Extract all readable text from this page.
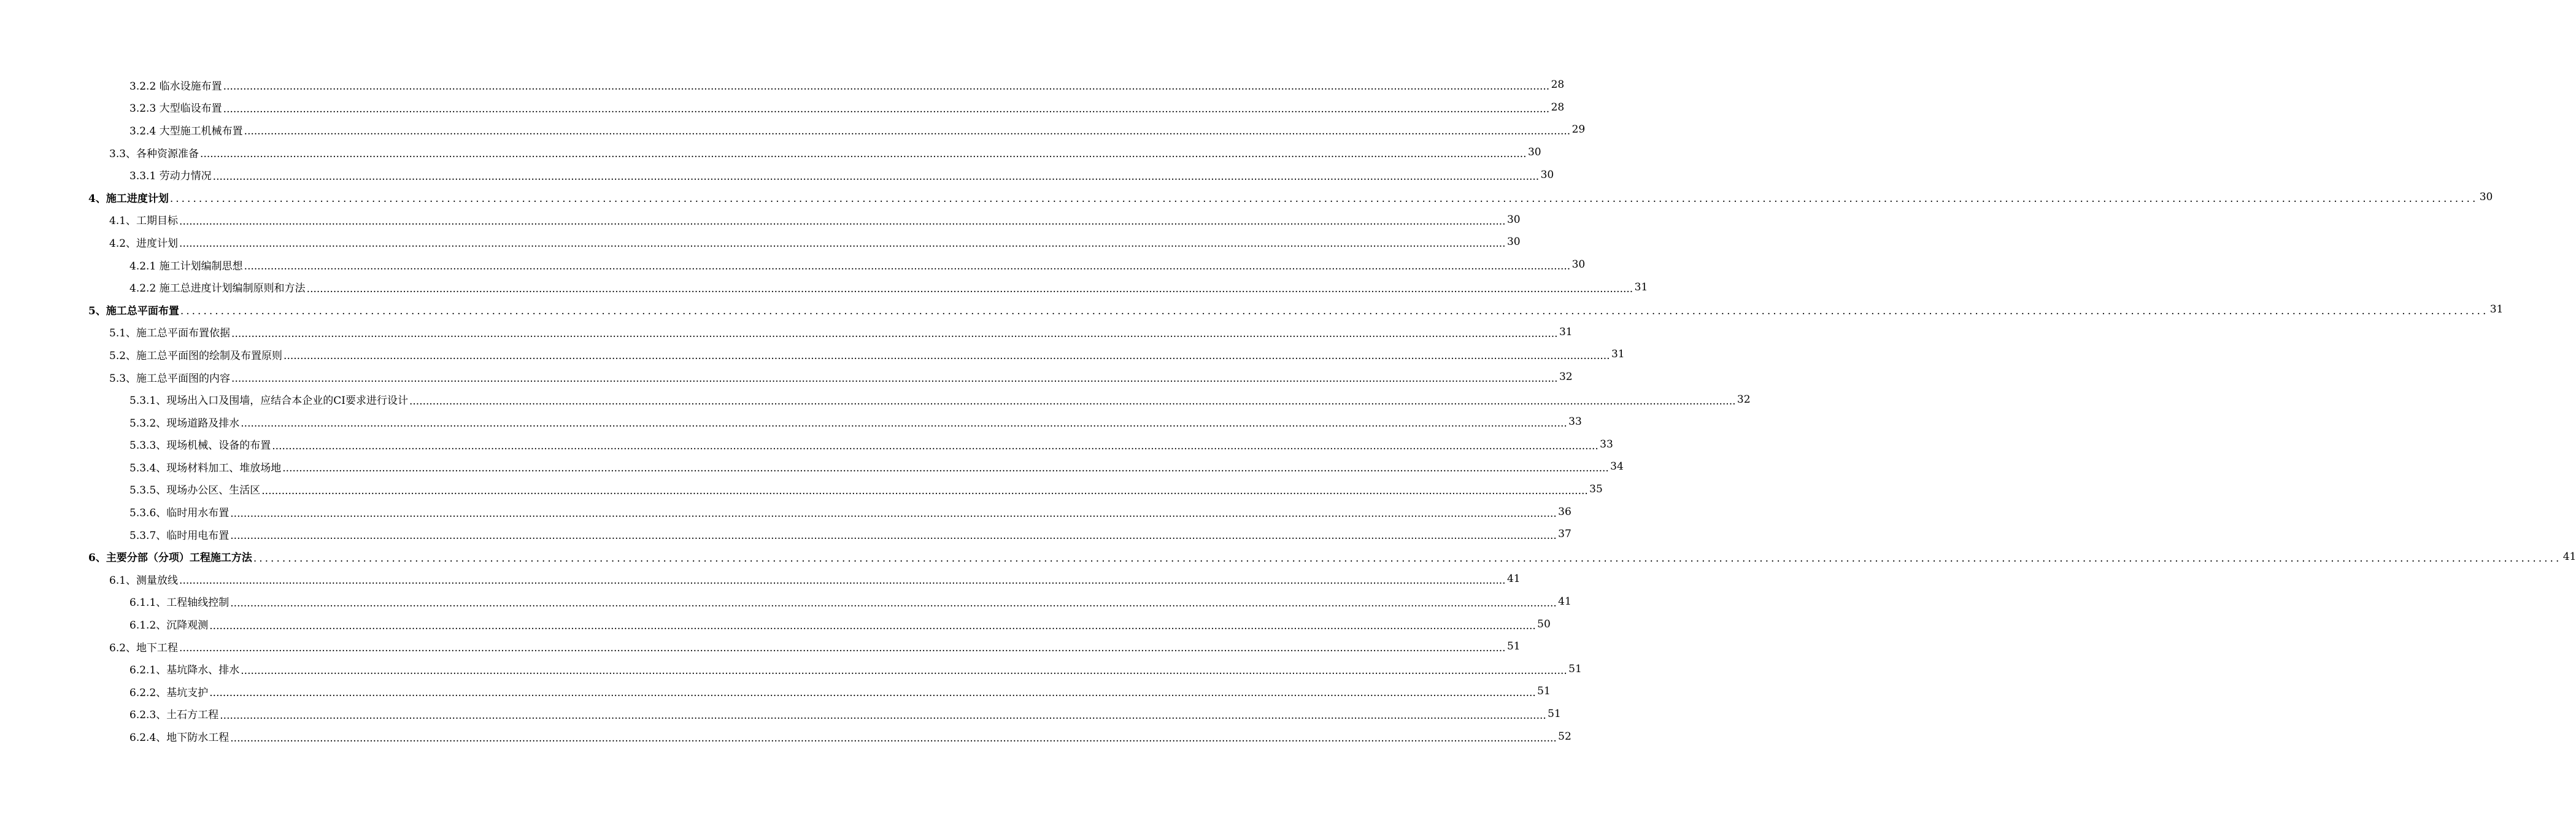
3.2.2 临水设施布置 ................................................................................................................................................................................................................................................................................................................................................................................................................ 28
3.2.3 大型临设布置 ................................................................................................................................................................................................................................................................................................................................................................................................................ 28
3.2.4 大型施工机械布置 ................................................................................................................................................................................................................................................................................................................................................................................................................ 29
3.3、各种资源准备 ................................................................................................................................................................................................................................................................................................................................................................................................................ 30
3.3.1 劳动力情况 ................................................................................................................................................................................................................................................................................................................................................................................................................ 30
4、施工进度计划 ................................................................................................................................................................................................................................................................................................................................................................................................................ 30
4.1、工期目标 ................................................................................................................................................................................................................................................................................................................................................................................................................ 30
4.2、进度计划 ................................................................................................................................................................................................................................................................................................................................................................................................................ 30
4.2.1 施工计划编制思想 ................................................................................................................................................................................................................................................................................................................................................................................................................ 30
4.2.2 施工总进度计划编制原则和方法 ................................................................................................................................................................................................................................................................................................................................................................................................................ 31
5、施工总平面布置 ................................................................................................................................................................................................................................................................................................................................................................................................................ 31
5.1、施工总平面布置依据 ................................................................................................................................................................................................................................................................................................................................................................................................................ 31
5.2、施工总平面图的绘制及布置原则 ................................................................................................................................................................................................................................................................................................................................................................................................................ 31
5.3、施工总平面图的内容 ................................................................................................................................................................................................................................................................................................................................................................................................................ 32
5.3.1、现场出入口及围墙，应结合本企业的CI要求进行设计 ................................................................................................................................................................................................................................................................................................................................................................................................................ 32
5.3.2、现场道路及排水 ................................................................................................................................................................................................................................................................................................................................................................................................................ 33
5.3.3、现场机械、设备的布置 ................................................................................................................................................................................................................................................................................................................................................................................................................ 33
5.3.4、现场材料加工、堆放场地 ................................................................................................................................................................................................................................................................................................................................................................................................................ 34
5.3.5、现场办公区、生活区 ................................................................................................................................................................................................................................................................................................................................................................................................................ 35
5.3.6、临时用水布置 ................................................................................................................................................................................................................................................................................................................................................................................................................ 36
5.3.7、临时用电布置 ................................................................................................................................................................................................................................................................................................................................................................................................................ 37
6、主要分部（分项）工程施工方法 ................................................................................................................................................................................................................................................................................................................................................................................................................ 41
6.1、测量放线 ................................................................................................................................................................................................................................................................................................................................................................................................................ 41
6.1.1、工程轴线控制 ................................................................................................................................................................................................................................................................................................................................................................................................................ 41
6.1.2、沉降观测 ................................................................................................................................................................................................................................................................................................................................................................................................................ 50
6.2、地下工程 ................................................................................................................................................................................................................................................................................................................................................................................................................ 51
6.2.1、基坑降水、排水 ................................................................................................................................................................................................................................................................................................................................................................................................................ 51
6.2.2、基坑支护 ................................................................................................................................................................................................................................................................................................................................................................................................................ 51
6.2.3、土石方工程 ................................................................................................................................................................................................................................................................................................................................................................................................................ 51
6.2.4、地下防水工程 ................................................................................................................................................................................................................................................................................................................................................................................................................ 52
